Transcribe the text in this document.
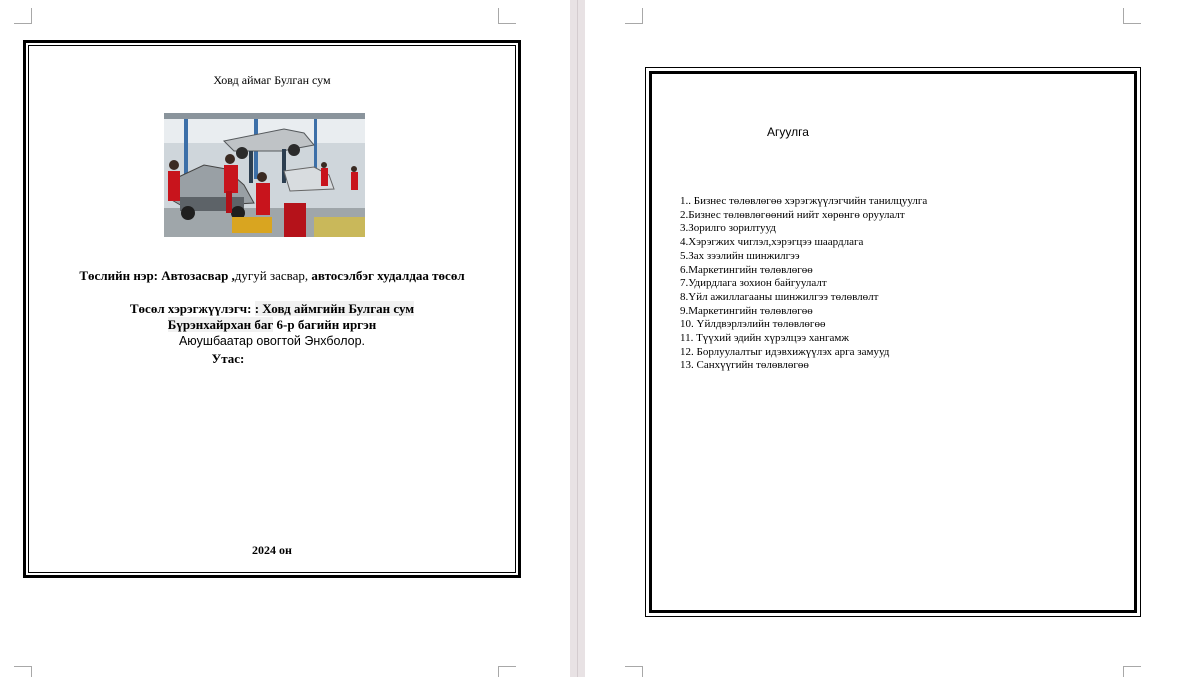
Ховд аймаг Булган сум
Төслийн нэр: Автозасвар ,дугуй засвар, автосэлбэг худалдаа төсөл
Төсөл хэрэгжүүлэгч: : Ховд аймгийн Булган сум
Бүрэнхайрхан баг 6-р багийн иргэн
Аюушбаатар овогтой Энхболор.
Утас:
2024 он
Агуулга
1.. Бизнес төлөвлөгөө хэрэгжүүлэгчийн танилцуулга
2.Бизнес төлөвлөгөөний нийт хөрөнгө оруулалт
3.Зорилго зорилтууд
4.Хэрэгжих чиглэл,хэрэгцээ шаардлага
5.Зах зээлийн шинжилгээ
6.Маркетингийн төлөвлөгөө
7.Удирдлага зохион байгуулалт
8.Үйл ажиллагааны шинжилгээ төлөвлөлт
9.Маркетингийн төлөвлөгөө
10. Үйлдвэрлэлийн төлөвлөгөө
11. Түүхий эдийн хүрэлцээ хангамж
12. Борлуулалтыг идэвхижүүлэх арга замууд
13. Санхүүгийн төлөвлөгөө
